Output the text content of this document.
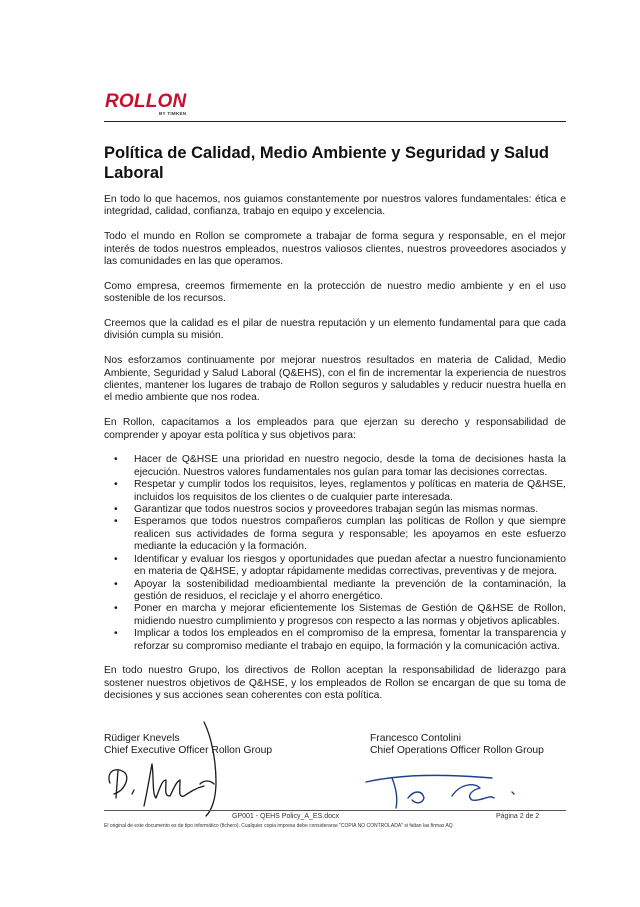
ROLLON
BY TIMKEN
Política de Calidad, Medio Ambiente y Seguridad y Salud Laboral

En todo lo que hacemos, nos guiamos constantemente por nuestros valores fundamentales: ética e integridad, calidad, confianza, trabajo en equipo y excelencia.

Todo el mundo en Rollon se compromete a trabajar de forma segura y responsable, en el mejor interés de todos nuestros empleados, nuestros valiosos clientes, nuestros proveedores asociados y las comunidades en las que operamos.

Como empresa, creemos firmemente en la protección de nuestro medio ambiente y en el uso sostenible de los recursos.

Creemos que la calidad es el pilar de nuestra reputación y un elemento fundamental para que cada división cumpla su misión.

Nos esforzamos continuamente por mejorar nuestros resultados en materia de Calidad, Medio Ambiente, Seguridad y Salud Laboral (Q&EHS), con el fin de incrementar la experiencia de nuestros clientes, mantener los lugares de trabajo de Rollon seguros y saludables y reducir nuestra huella en el medio ambiente que nos rodea.

En Rollon, capacitamos a los empleados para que ejerzan su derecho y responsabilidad de comprender y apoyar esta política y sus objetivos para:

• Hacer de Q&HSE una prioridad en nuestro negocio, desde la toma de decisiones hasta la ejecución. Nuestros valores fundamentales nos guían para tomar las decisiones correctas.
• Respetar y cumplir todos los requisitos, leyes, reglamentos y políticas en materia de Q&HSE, incluidos los requisitos de los clientes o de cualquier parte interesada.
• Garantizar que todos nuestros socios y proveedores trabajan según las mismas normas.
• Esperamos que todos nuestros compañeros cumplan las políticas de Rollon y que siempre realicen sus actividades de forma segura y responsable; les apoyamos en este esfuerzo mediante la educación y la formación.
• Identificar y evaluar los riesgos y oportunidades que puedan afectar a nuestro funcionamiento en materia de Q&HSE, y adoptar rápidamente medidas correctivas, preventivas y de mejora.
• Apoyar la sostenibilidad medioambiental mediante la prevención de la contaminación, la gestión de residuos, el reciclaje y el ahorro energético.
• Poner en marcha y mejorar eficientemente los Sistemas de Gestión de Q&HSE de Rollon, midiendo nuestro cumplimiento y progresos con respecto a las normas y objetivos aplicables.
• Implicar a todos los empleados en el compromiso de la empresa, fomentar la transparencia y reforzar su compromiso mediante el trabajo en equipo, la formación y la comunicación activa.

En todo nuestro Grupo, los directivos de Rollon aceptan la responsabilidad de liderazgo para sostener nuestros objetivos de Q&HSE, y los empleados de Rollon se encargan de que su toma de decisiones y sus acciones sean coherentes con esta política.

Rüdiger Knevels
Chief Executive Officer Rollon Group
Francesco Contolini
Chief Operations Officer Rollon Group
GP001 - QEHS Policy_A_ES.docx	Página 2 de 2
El original de este documento es de tipo informático (fichero). Cualquier copia impresa debe considerarse "COPIA NO CONTROLADA" si faltan las firmas AQ
